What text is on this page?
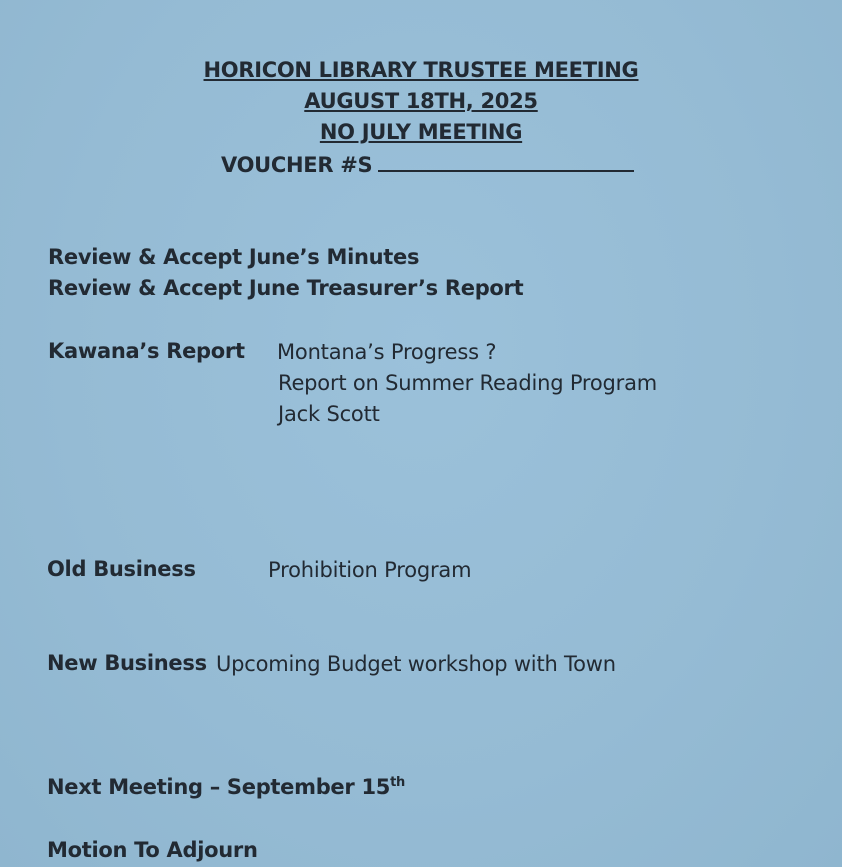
HORICON LIBRARY TRUSTEE MEETING
AUGUST 18TH, 2025
NO JULY MEETING
VOUCHER #S
Review & Accept June’s Minutes
Review & Accept June Treasurer’s Report
Kawana’s Report Montana’s Progress ?
Report on Summer Reading Program
Jack Scott
Old Business	Prohibition Program
New Business Upcoming Budget workshop with Town
Next Meeting – September 15th
Motion To Adjourn
